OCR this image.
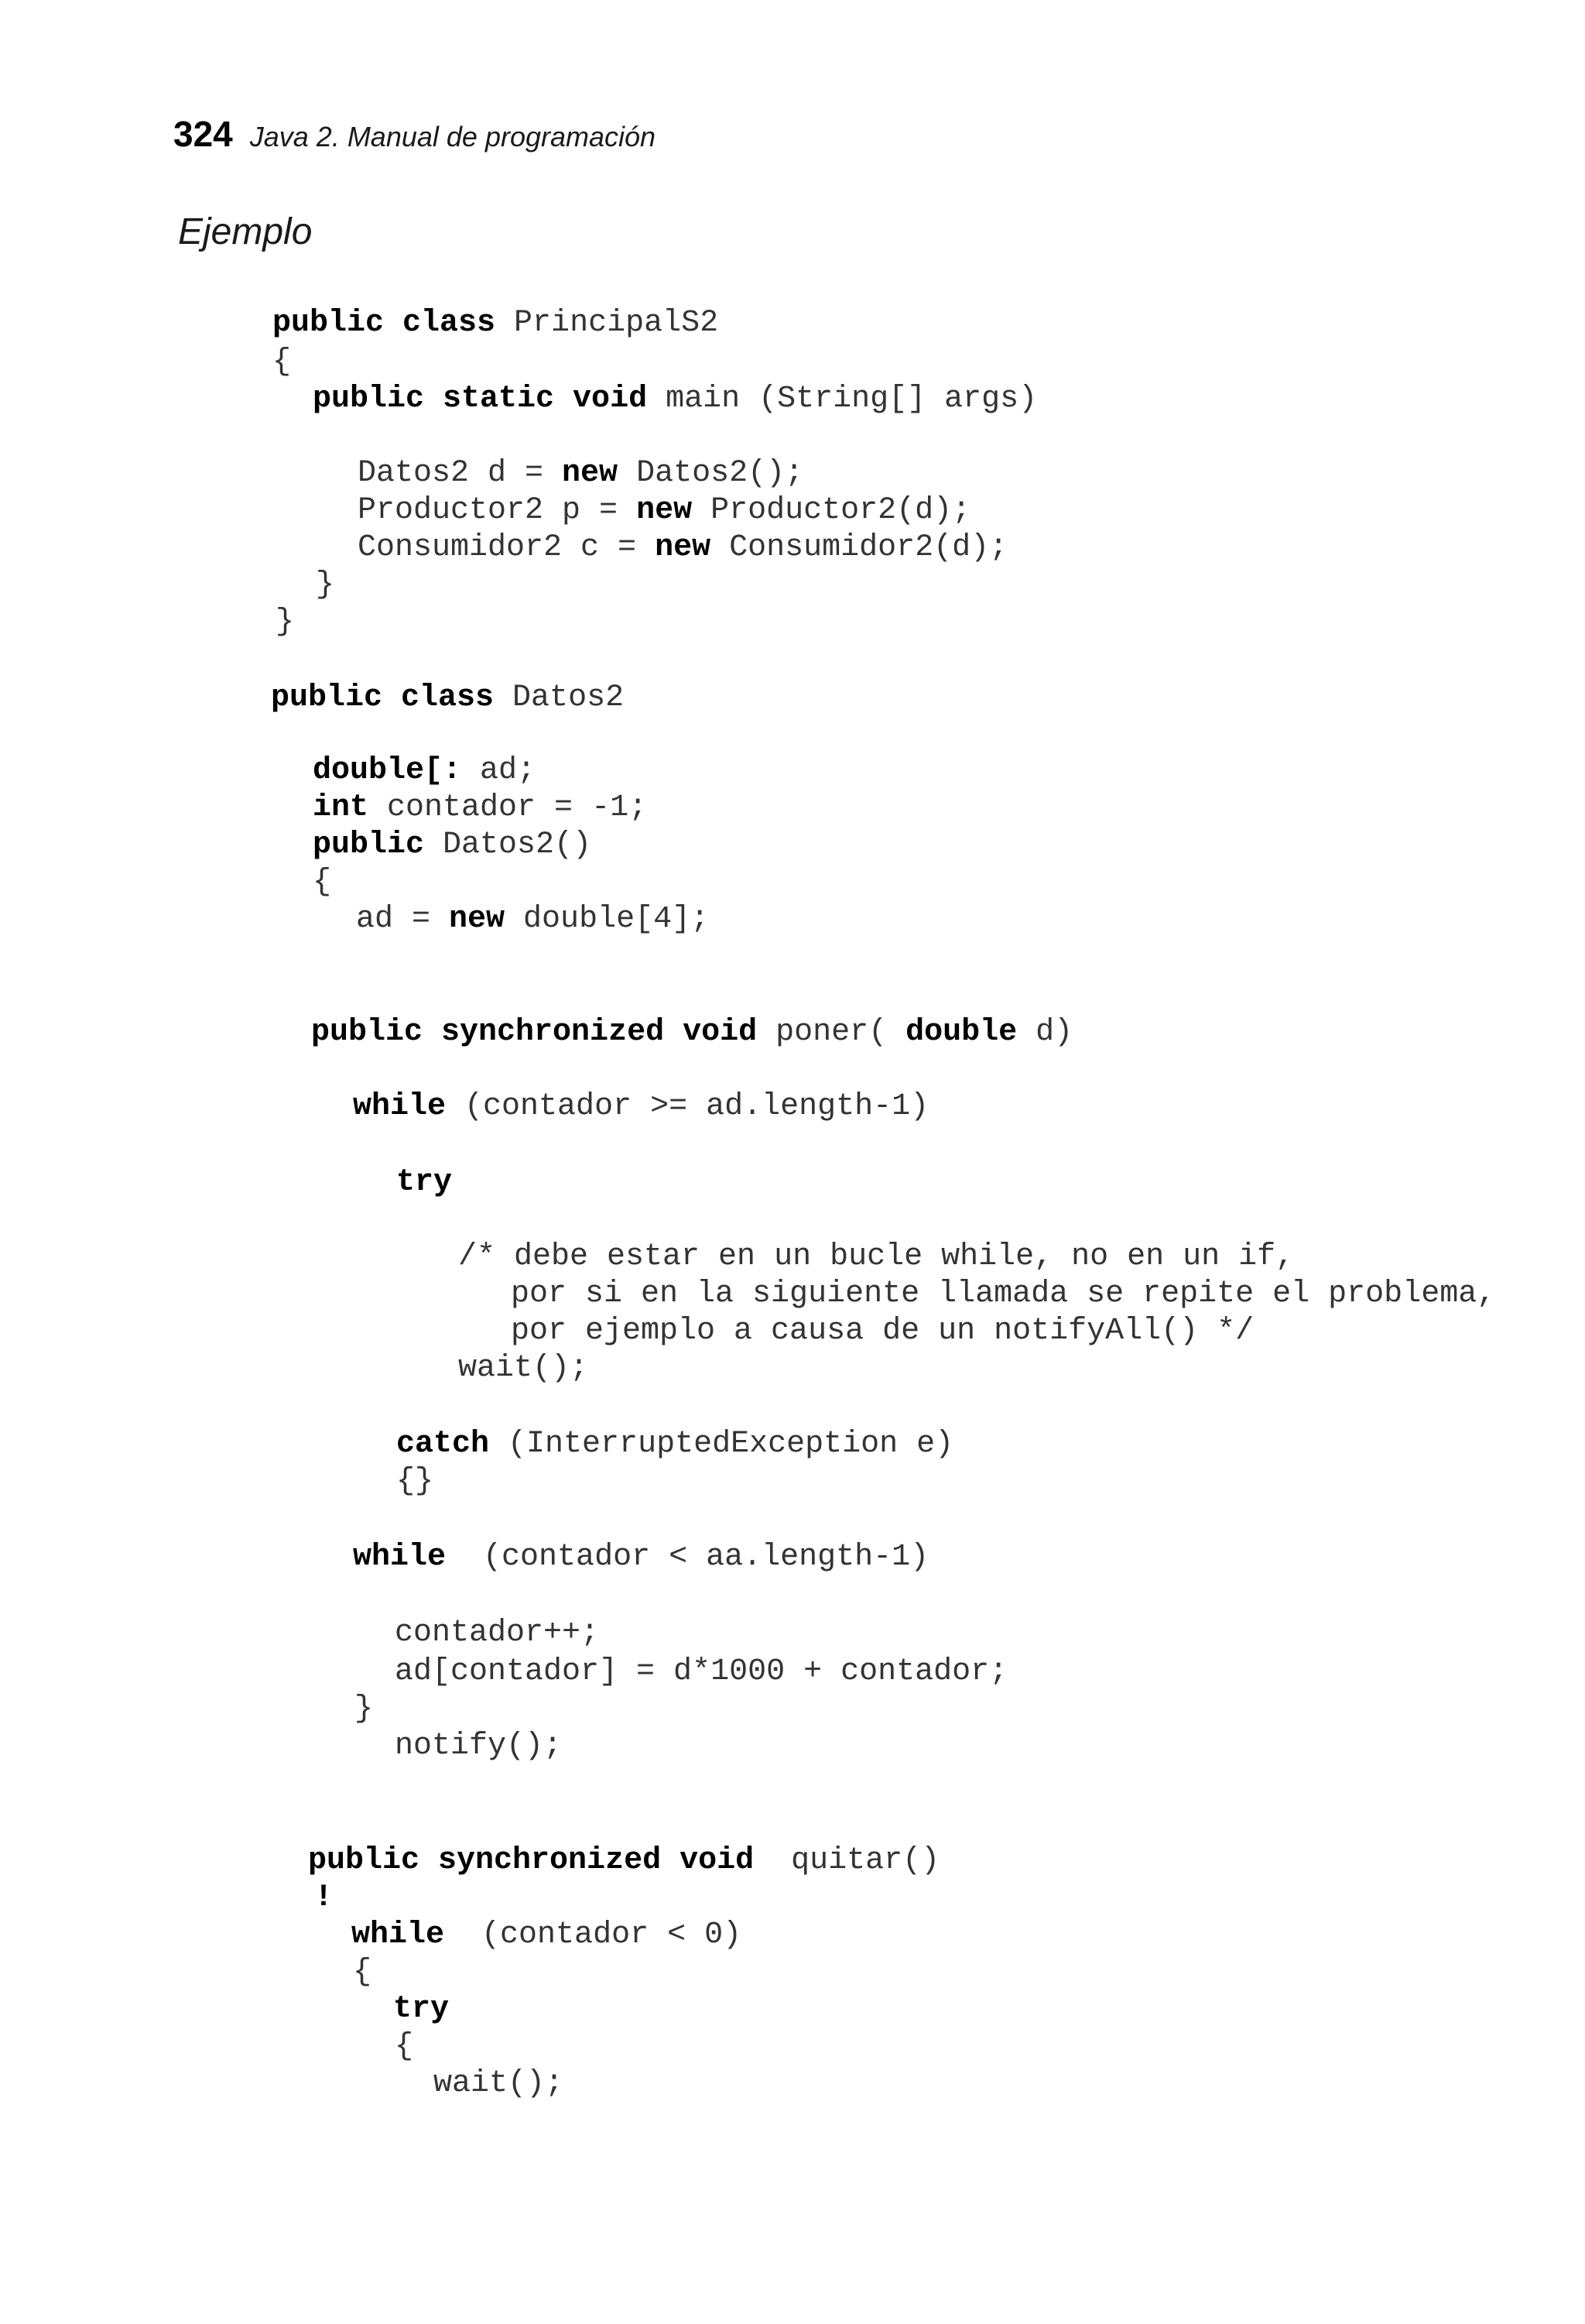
324 Java 2. Manual de programación
Ejemplo
public class PrincipalS2
{
public static void main (String[] args)
Datos2 d = new Datos2();
Productor2 p = new Productor2(d);
Consumidor2 c = new Consumidor2(d);
}
}
public class Datos2
double[: ad;
int contador = -1;
public Datos2()
{
ad = new double[4];
public synchronized void poner( double d)
while (contador >= ad.length-1)
try
/* debe estar en un bucle while, no en un if,
por si en la siguiente llamada se repite el problema,
por ejemplo a causa de un notifyAll() */
wait();
catch (InterruptedException e)
{}
while  (contador < aa.length-1)
contador++;
ad[contador] = d*1000 + contador;
}
notify();
public synchronized void  quitar()
!
while  (contador < 0)
{
try
{
wait();
